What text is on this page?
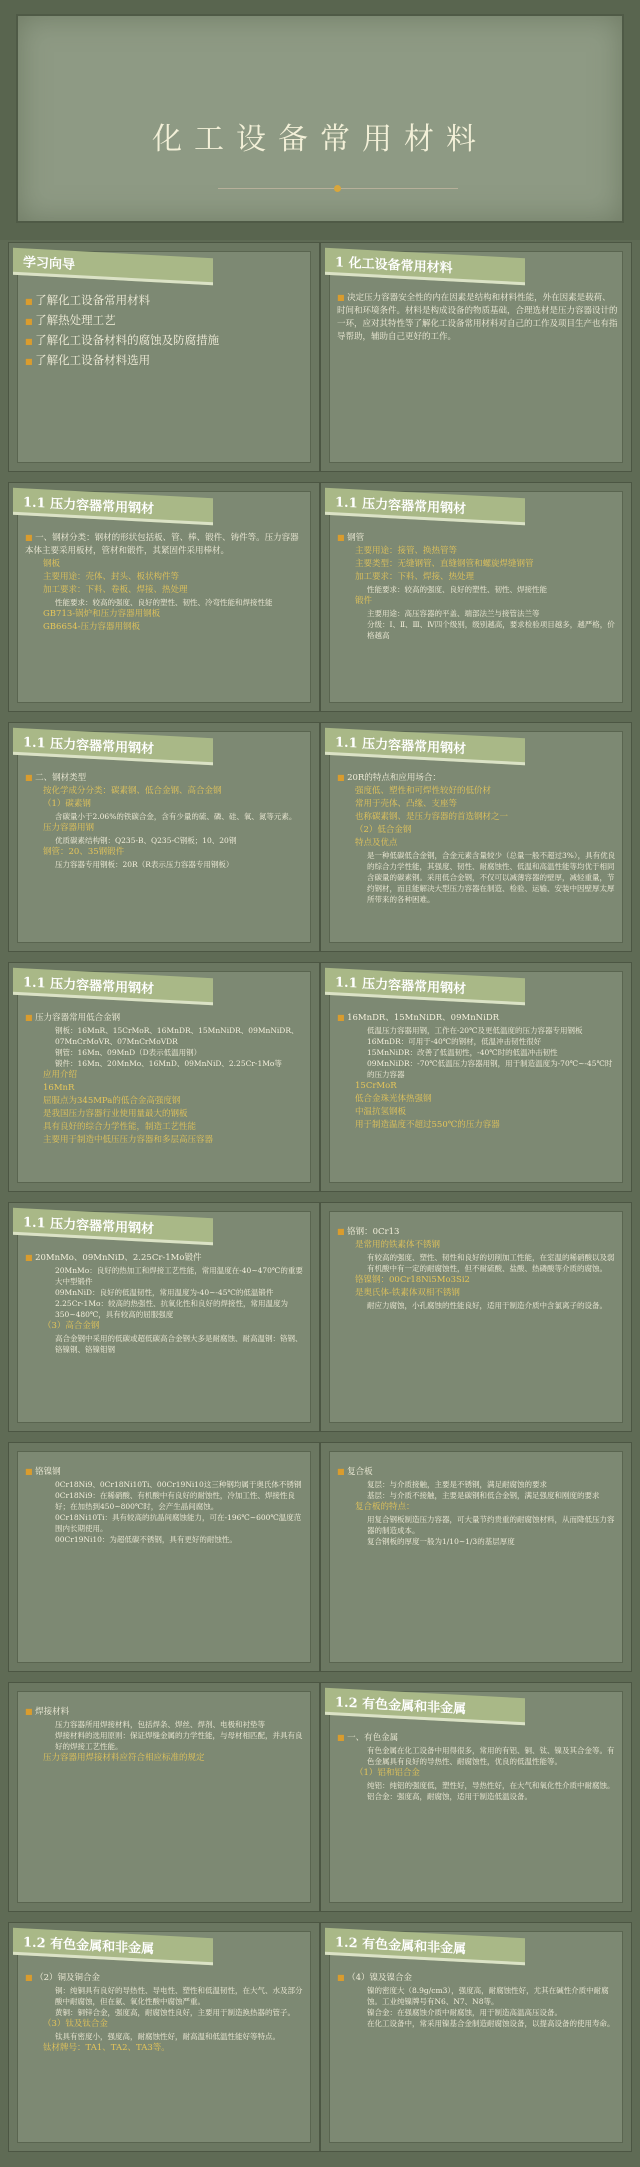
化工设备常用材料
学习向导
■ 了解化工设备常用材料
■ 了解热处理工艺
■ 了解化工设备材料的腐蚀及防腐措施
■ 了解化工设备材料选用
1 化工设备常用材料
■ 决定压力容器安全性的内在因素是结构和材料性能，外在因素是载荷、时间和环境条件。材料是构成设备的物质基础，合理选材是压力容器设计的一环，应对其特性等了解化工设备常用材料对自己的工作及项目生产也有指导帮助，辅助自己更好的工作。
1.1 压力容器常用钢材
■ 一、钢材分类：钢材的形状包括板、管、棒、锻件、铸件等。压力容器本体主要采用板材，管材和锻件，其紧固件采用棒材。
钢板
主要用途：壳体、封头、板状构件等
加工要求：下料、卷板、焊接、热处理
性能要求：较高的强度、良好的塑性、韧性、冷弯性能和焊接性能
GB713-锅炉和压力容器用钢板
GB6654-压力容器用钢板
1.1 压力容器常用钢材
■ 钢管
主要用途：接管、换热管等
主要类型：无缝钢管、直缝钢管和螺旋焊缝钢管
加工要求：下料、焊接、热处理
性能要求：较高的强度、良好的塑性、韧性、焊接性能
锻件
主要用途：高压容器的平盖、端部法兰与接管法兰等
分级：Ⅰ、Ⅱ、Ⅲ、Ⅳ四个级别，级别越高，要求检验项目越多，越严格，价格越高
1.1 压力容器常用钢材
■ 二、钢材类型
按化学成分分类：碳素钢、低合金钢、高合金钢
（1）碳素钢
含碳量小于2.06%的铁碳合金，含有少量的硫、磷、硅、氧、氮等元素。
压力容器用钢
优质碳素结构钢：Q235-B、Q235-C钢板；10、20钢
钢管：20、35钢锻件
压力容器专用钢板：20R（R表示压力容器专用钢板）
1.1 压力容器常用钢材
■ 20R的特点和应用场合：
强度低、塑性和可焊性较好的低价材
常用于壳体、凸缘、支座等
也称碳素钢、是压力容器的首选钢材之一
（2）低合金钢
特点及优点
是一种低碳低合金钢，合金元素含量较少（总量一般不超过3%），具有优良的综合力学性能，其强度、韧性、耐腐蚀性、低温和高温性能等均优于相同含碳量的碳素钢。采用低合金钢，不仅可以减薄容器的壁厚，减轻重量，节约钢材，而且能解决大型压力容器在制造、检验、运输、安装中因壁厚太厚所带来的各种困难。
1.1 压力容器常用钢材
■ 压力容器常用低合金钢
钢板：16MnR、15CrMoR、16MnDR、15MnNiDR、09MnNiDR、07MnCrMoVR、07MnCrMoVDR
钢管：16Mn、09MnD（D表示低温用钢）
锻件：16Mn、20MnMo、16MnD、09MnNiD、2.25Cr-1Mo等
应用介绍
16MnR
屈服点为345MPa的低合金高强度钢
是我国压力容器行业使用量最大的钢板
具有良好的综合力学性能，制造工艺性能
主要用于制造中低压压力容器和多层高压容器
1.1 压力容器常用钢材
■ 16MnDR、15MnNiDR、09MnNiDR
低温压力容器用钢，工作在-20℃及更低温度的压力容器专用钢板
16MnDR：可用于-40℃的钢材，低温冲击韧性很好
15MnNiDR：改善了低温韧性，-40℃时的低温冲击韧性
09MnNiDR：-70℃低温压力容器用钢，用于制造温度为-70℃~-45℃时的压力容器
15CrMoR
低合金珠光体热强钢
中温抗氢钢板
用于制造温度不超过550℃的压力容器
1.1 压力容器常用钢材
■ 20MnMo、09MnNiD、2.25Cr-1Mo锻件
20MnMo：良好的热加工和焊接工艺性能，常用温度在-40~470℃的重要大中型锻件
09MnNiD：良好的低温韧性，常用温度为-40~-45℃的低温锻件
2.25Cr-1Mo：较高的热强性、抗氧化性和良好的焊接性，常用温度为350~480℃，具有较高的屈服强度
（3）高合金钢
高合金钢中采用的低碳或超低碳高合金钢大多是耐腐蚀、耐高温钢：铬钢、铬镍钢、铬镍钼钢
■ 铬钢：0Cr13
是常用的铁素体不锈钢
有较高的强度、塑性、韧性和良好的切削加工性能，在室温的稀硝酸以及弱有机酸中有一定的耐腐蚀性，但不耐硫酸、盐酸、热磷酸等介质的腐蚀。
铬镍钢：00Cr18Ni5Mo3Si2
是奥氏体-铁素体双相不锈钢
耐应力腐蚀，小孔腐蚀的性能良好，适用于制造介质中含氯离子的设备。
■ 铬镍钢
0Cr18Ni9、0Cr18Ni10Ti、00Cr19Ni10这三种钢均属于奥氏体不锈钢
0Cr18Ni9：在稀硝酸、有机酸中有良好的耐蚀性，冷加工性、焊接性良好；在加热到450~800℃时，会产生晶间腐蚀。
0Cr18Ni10Ti：具有较高的抗晶间腐蚀能力，可在-196℃~600℃温度范围内长期使用。
00Cr19Ni10：为超低碳不锈钢，具有更好的耐蚀性。
■ 复合板
复层：与介质接触，主要是不锈钢，满足耐腐蚀的要求
基层：与介质不接触，主要是碳钢和低合金钢，满足强度和刚度的要求
复合板的特点：
用复合钢板制造压力容器，可大量节约贵重的耐腐蚀材料，从而降低压力容器的制造成本。
复合钢板的厚度一般为1/10~1/3的基层厚度
■ 焊接材料
压力容器所用焊接材料，包括焊条、焊丝、焊剂、电极和衬垫等
焊接材料的选用原则：保证焊缝金属的力学性能，与母材相匹配，并具有良好的焊接工艺性能。
压力容器用焊接材料应符合相应标准的规定
1.2 有色金属和非金属
■ 一、有色金属
有色金属在化工设备中用得很多，常用的有铝、铜、钛、镍及其合金等。有色金属具有良好的导热性、耐腐蚀性，优良的低温性能等。
（1）铝和铝合金
纯铝：纯铝的强度低，塑性好，导热性好，在大气和氧化性介质中耐腐蚀。
铝合金：强度高，耐腐蚀，适用于制造低温设备。
1.2 有色金属和非金属
■ （2）铜及铜合金
铜：纯铜具有良好的导热性、导电性、塑性和低温韧性，在大气、水及部分酸中耐腐蚀，但在氨、氧化性酸中腐蚀严重。
黄铜：铜锌合金，强度高，耐腐蚀性良好，主要用于制造换热器的管子。
（3）钛及钛合金
钛具有密度小，强度高，耐腐蚀性好，耐高温和低温性能好等特点。
钛材牌号：TA1、TA2、TA3等。
1.2 有色金属和非金属
■ （4）镍及镍合金
镍的密度大（8.9g/cm3），强度高，耐腐蚀性好，尤其在碱性介质中耐腐蚀。工业纯镍牌号有N6、N7、N8等。
镍合金：在强腐蚀介质中耐腐蚀，用于制造高温高压设备。
在化工设备中，常采用镍基合金制造耐腐蚀设备，以提高设备的使用寿命。
